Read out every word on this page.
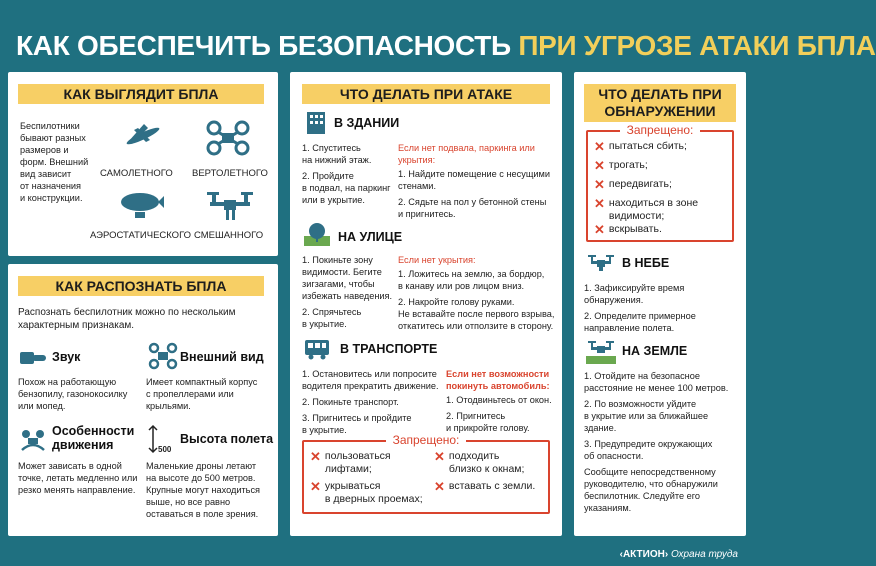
КАК ОБЕСПЕЧИТЬ БЕЗОПАСНОСТЬ ПРИ УГРОЗЕ АТАКИ БПЛА
КАК ВЫГЛЯДИТ БПЛА
Беспилотники
бывают разных
размеров и
форм. Внешний
вид зависит
от назначения
и конструкции.
САМОЛЕТНОГО ВЕРТОЛЕТНОГО
АЭРОСТАТИЧЕСКОГО СМЕШАННОГО
КАК РАСПОЗНАТЬ БПЛА
Распознать беспилотник можно по нескольким
характерным признакам.
Звук
Похож на работающую
бензопилу, газонокосилку
или мопед.
Внешний вид
Имеет компактный корпус
с пропеллерами или
крыльями.
Особенности
движения
Может зависать в одной
точке, летать медленно или
резко менять направление.
500
Высота полета
Маленькие дроны летают
на высоте до 500 метров.
Крупные могут находиться
выше, но все равно
оставаться в поле зрения.
ЧТО ДЕЛАТЬ ПРИ АТАКЕ
В ЗДАНИИ
1. Спуститесь
на нижний этаж.
2. Пройдите
в подвал, на паркинг
или в укрытие.
Если нет подвала, паркинга или
укрытия:
1. Найдите помещение с несущими
стенами.
2. Сядьте на пол у бетонной стены
и пригнитесь.
НА УЛИЦЕ
1. Покиньте зону
видимости. Бегите
зигзагами, чтобы
избежать наведения.
2. Спрячьтесь
в укрытие.
Если нет укрытия:
1. Ложитесь на землю, за бордюр,
в канаву или ров лицом вниз.
2. Накройте голову руками.
Не вставайте после первого взрыва,
откатитесь или отползите в сторону.
В ТРАНСПОРТЕ
1. Остановитесь или попросите
водителя прекратить движение.
2. Покиньте транспорт.
3. Пригнитесь и пройдите
в укрытие.
Если нет возможности
покинуть автомобиль:
1. Отодвиньтесь от окон.
2. Пригнитесь
и прикройте голову.
Запрещено:
✕ пользоваться
лифтами;
✕ укрываться
в дверных проемах;
✕ подходить
близко к окнам;
✕ вставать с земли.
ЧТО ДЕЛАТЬ ПРИ
ОБНАРУЖЕНИИ
Запрещено:
✕ пытаться сбить;
✕ трогать;
✕ передвигать;
✕ находиться в зоне
видимости;
✕ вскрывать.
В НЕБЕ
1. Зафиксируйте время
обнаружения.
2. Определите примерное
направление полета.
НА ЗЕМЛЕ
1. Отойдите на безопасное
расстояние не менее 100 метров.
2. По возможности уйдите
в укрытие или за ближайшее
здание.
3. Предупредите окружающих
об опасности.
Сообщите непосредственному
руководителю, что обнаружили
беспилотник. Следуйте его
указаниям.
‹АКТИОН› Охрана труда
